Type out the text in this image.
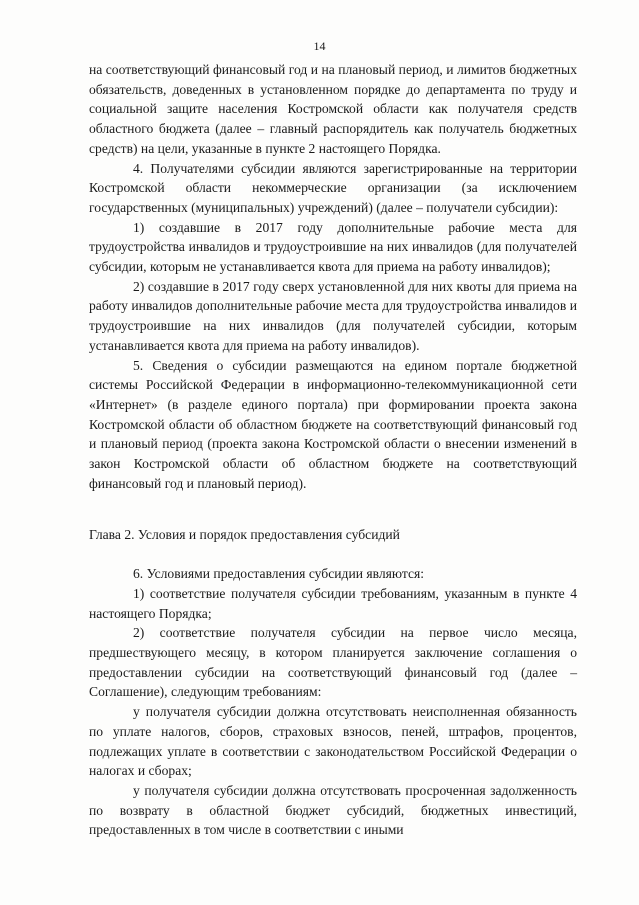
14

на соответствующий финансовый год и на плановый период, и лимитов бюджетных обязательств, доведенных в установленном порядке до департамента по труду и социальной защите населения Костромской области как получателя средств областного бюджета (далее – главный распорядитель как получатель бюджетных средств) на цели, указанные в пункте 2 настоящего Порядка.

4. Получателями субсидии являются зарегистрированные на территории Костромской области некоммерческие организации (за исключением государственных (муниципальных) учреждений) (далее – получатели субсидии):

1) создавшие в 2017 году дополнительные рабочие места для трудоустройства инвалидов и трудоустроившие на них инвалидов (для получателей субсидии, которым не устанавливается квота для приема на работу инвалидов);

2) создавшие в 2017 году сверх установленной для них квоты для приема на работу инвалидов дополнительные рабочие места для трудоустройства инвалидов и трудоустроившие на них инвалидов (для получателей субсидии, которым устанавливается квота для приема на работу инвалидов).

5. Сведения о субсидии размещаются на едином портале бюджетной системы Российской Федерации в информационно-телекоммуникационной сети «Интернет» (в разделе единого портала) при формировании проекта закона Костромской области об областном бюджете на соответствующий финансовый год и плановый период (проекта закона Костромской области о внесении изменений в закон Костромской области об областном бюджете на соответствующий финансовый год и плановый период).

Глава 2. Условия и порядок предоставления субсидий

6. Условиями предоставления субсидии являются:

1) соответствие получателя субсидии требованиям, указанным в пункте 4 настоящего Порядка;

2) соответствие получателя субсидии на первое число месяца, предшествующего месяцу, в котором планируется заключение соглашения о предоставлении субсидии на соответствующий финансовый год (далее – Соглашение), следующим требованиям:

у получателя субсидии должна отсутствовать неисполненная обязанность по уплате налогов, сборов, страховых взносов, пеней, штрафов, процентов, подлежащих уплате в соответствии с законодательством Российской Федерации о налогах и сборах;

у получателя субсидии должна отсутствовать просроченная задолженность по возврату в областной бюджет субсидий, бюджетных инвестиций, предоставленных в том числе в соответствии с иными
